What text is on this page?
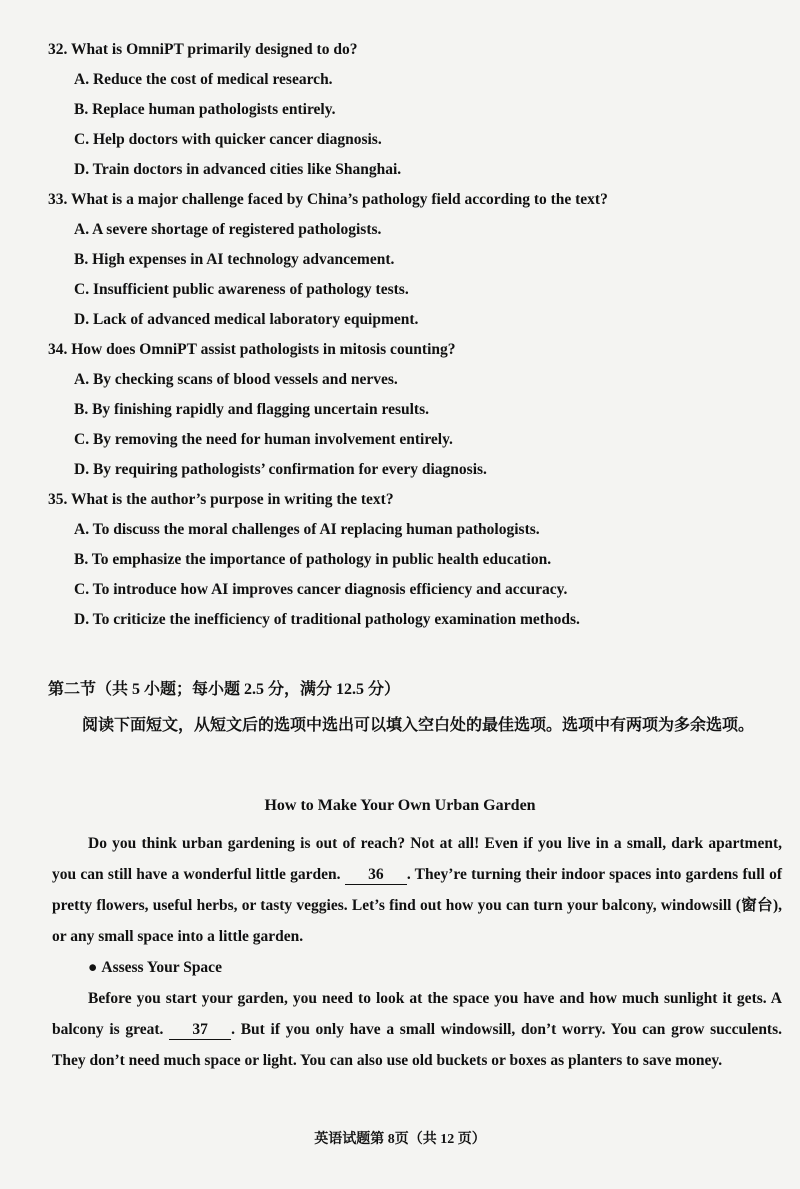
32. What is OmniPT primarily designed to do?

A. Reduce the cost of medical research.

B. Replace human pathologists entirely.

C. Help doctors with quicker cancer diagnosis.

D. Train doctors in advanced cities like Shanghai.

33. What is a major challenge faced by China’s pathology field according to the text?

A. A severe shortage of registered pathologists.

B. High expenses in AI technology advancement.

C. Insufficient public awareness of pathology tests.

D. Lack of advanced medical laboratory equipment.

34. How does OmniPT assist pathologists in mitosis counting?

A. By checking scans of blood vessels and nerves.

B. By finishing rapidly and flagging uncertain results.

C. By removing the need for human involvement entirely.

D. By requiring pathologists’ confirmation for every diagnosis.

35. What is the author’s purpose in writing the text?

A. To discuss the moral challenges of AI replacing human pathologists.

B. To emphasize the importance of pathology in public health education.

C. To introduce how AI improves cancer diagnosis efficiency and accuracy.

D. To criticize the inefficiency of traditional pathology examination methods.

第二节（共 5 小题；每小题 2.5 分，满分 12.5 分）

阅读下面短文，从短文后的选项中选出可以填入空白处的最佳选项。选项中有两项为多余选项。

How to Make Your Own Urban Garden

Do you think urban gardening is out of reach? Not at all! Even if you live in a small, dark apartment, you can still have a wonderful little garden. 36 . They’re turning their indoor spaces into gardens full of pretty flowers, useful herbs, or tasty veggies. Let’s find out how you can turn your balcony, windowsill (窗台), or any small space into a little garden.

● Assess Your Space

Before you start your garden, you need to look at the space you have and how much sunlight it gets. A balcony is great. 37 . But if you only have a small windowsill, don’t worry. You can grow succulents. They don’t need much space or light. You can also use old buckets or boxes as planters to save money.

英语试题第 8页（共 12 页）
